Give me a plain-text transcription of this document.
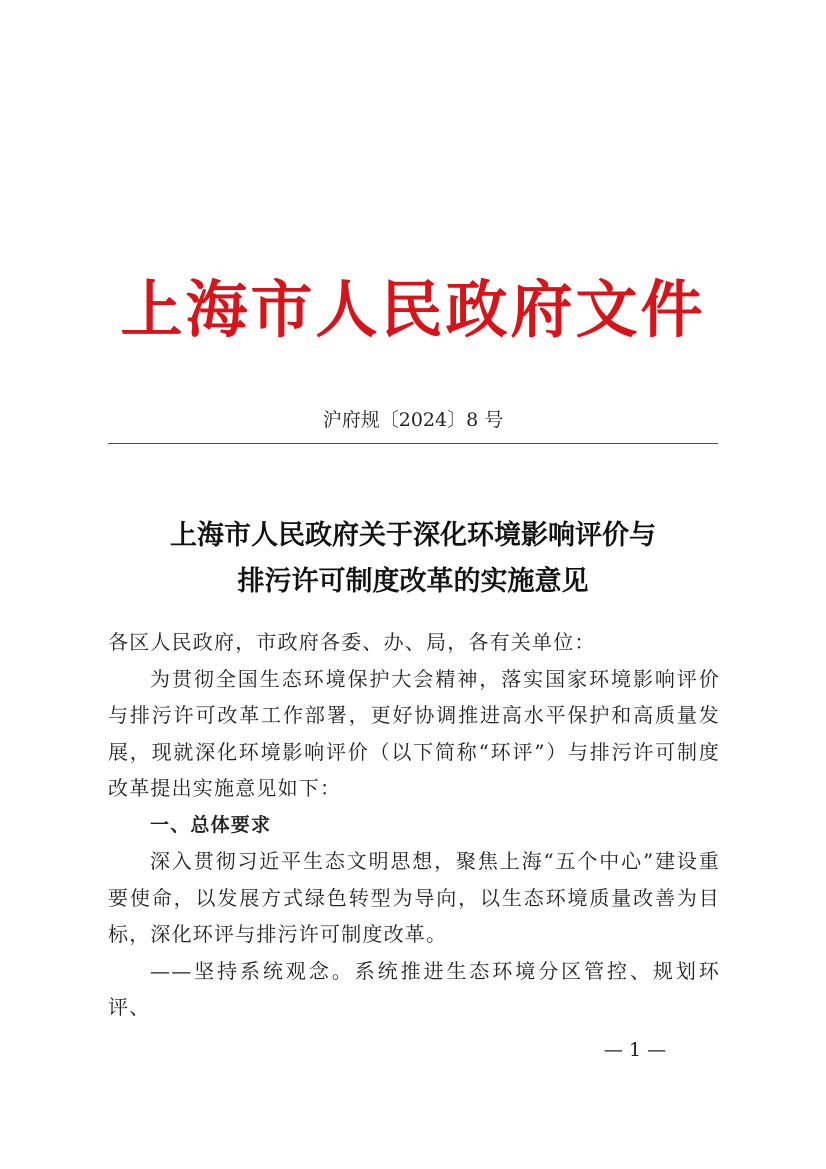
上海市人民政府文件
沪府规〔2024〕8 号
上海市人民政府关于深化环境影响评价与
排污许可制度改革的实施意见

各区人民政府，市政府各委、办、局，各有关单位：

为贯彻全国生态环境保护大会精神，落实国家环境影响评价与排污许可改革工作部署，更好协调推进高水平保护和高质量发展，现就深化环境影响评价（以下简称“环评”）与排污许可制度改革提出实施意见如下：

一、总体要求

深入贯彻习近平生态文明思想，聚焦上海“五个中心”建设重要使命，以发展方式绿色转型为导向，以生态环境质量改善为目标，深化环评与排污许可制度改革。

——坚持系统观念。系统推进生态环境分区管控、规划环评、

— 1 —
